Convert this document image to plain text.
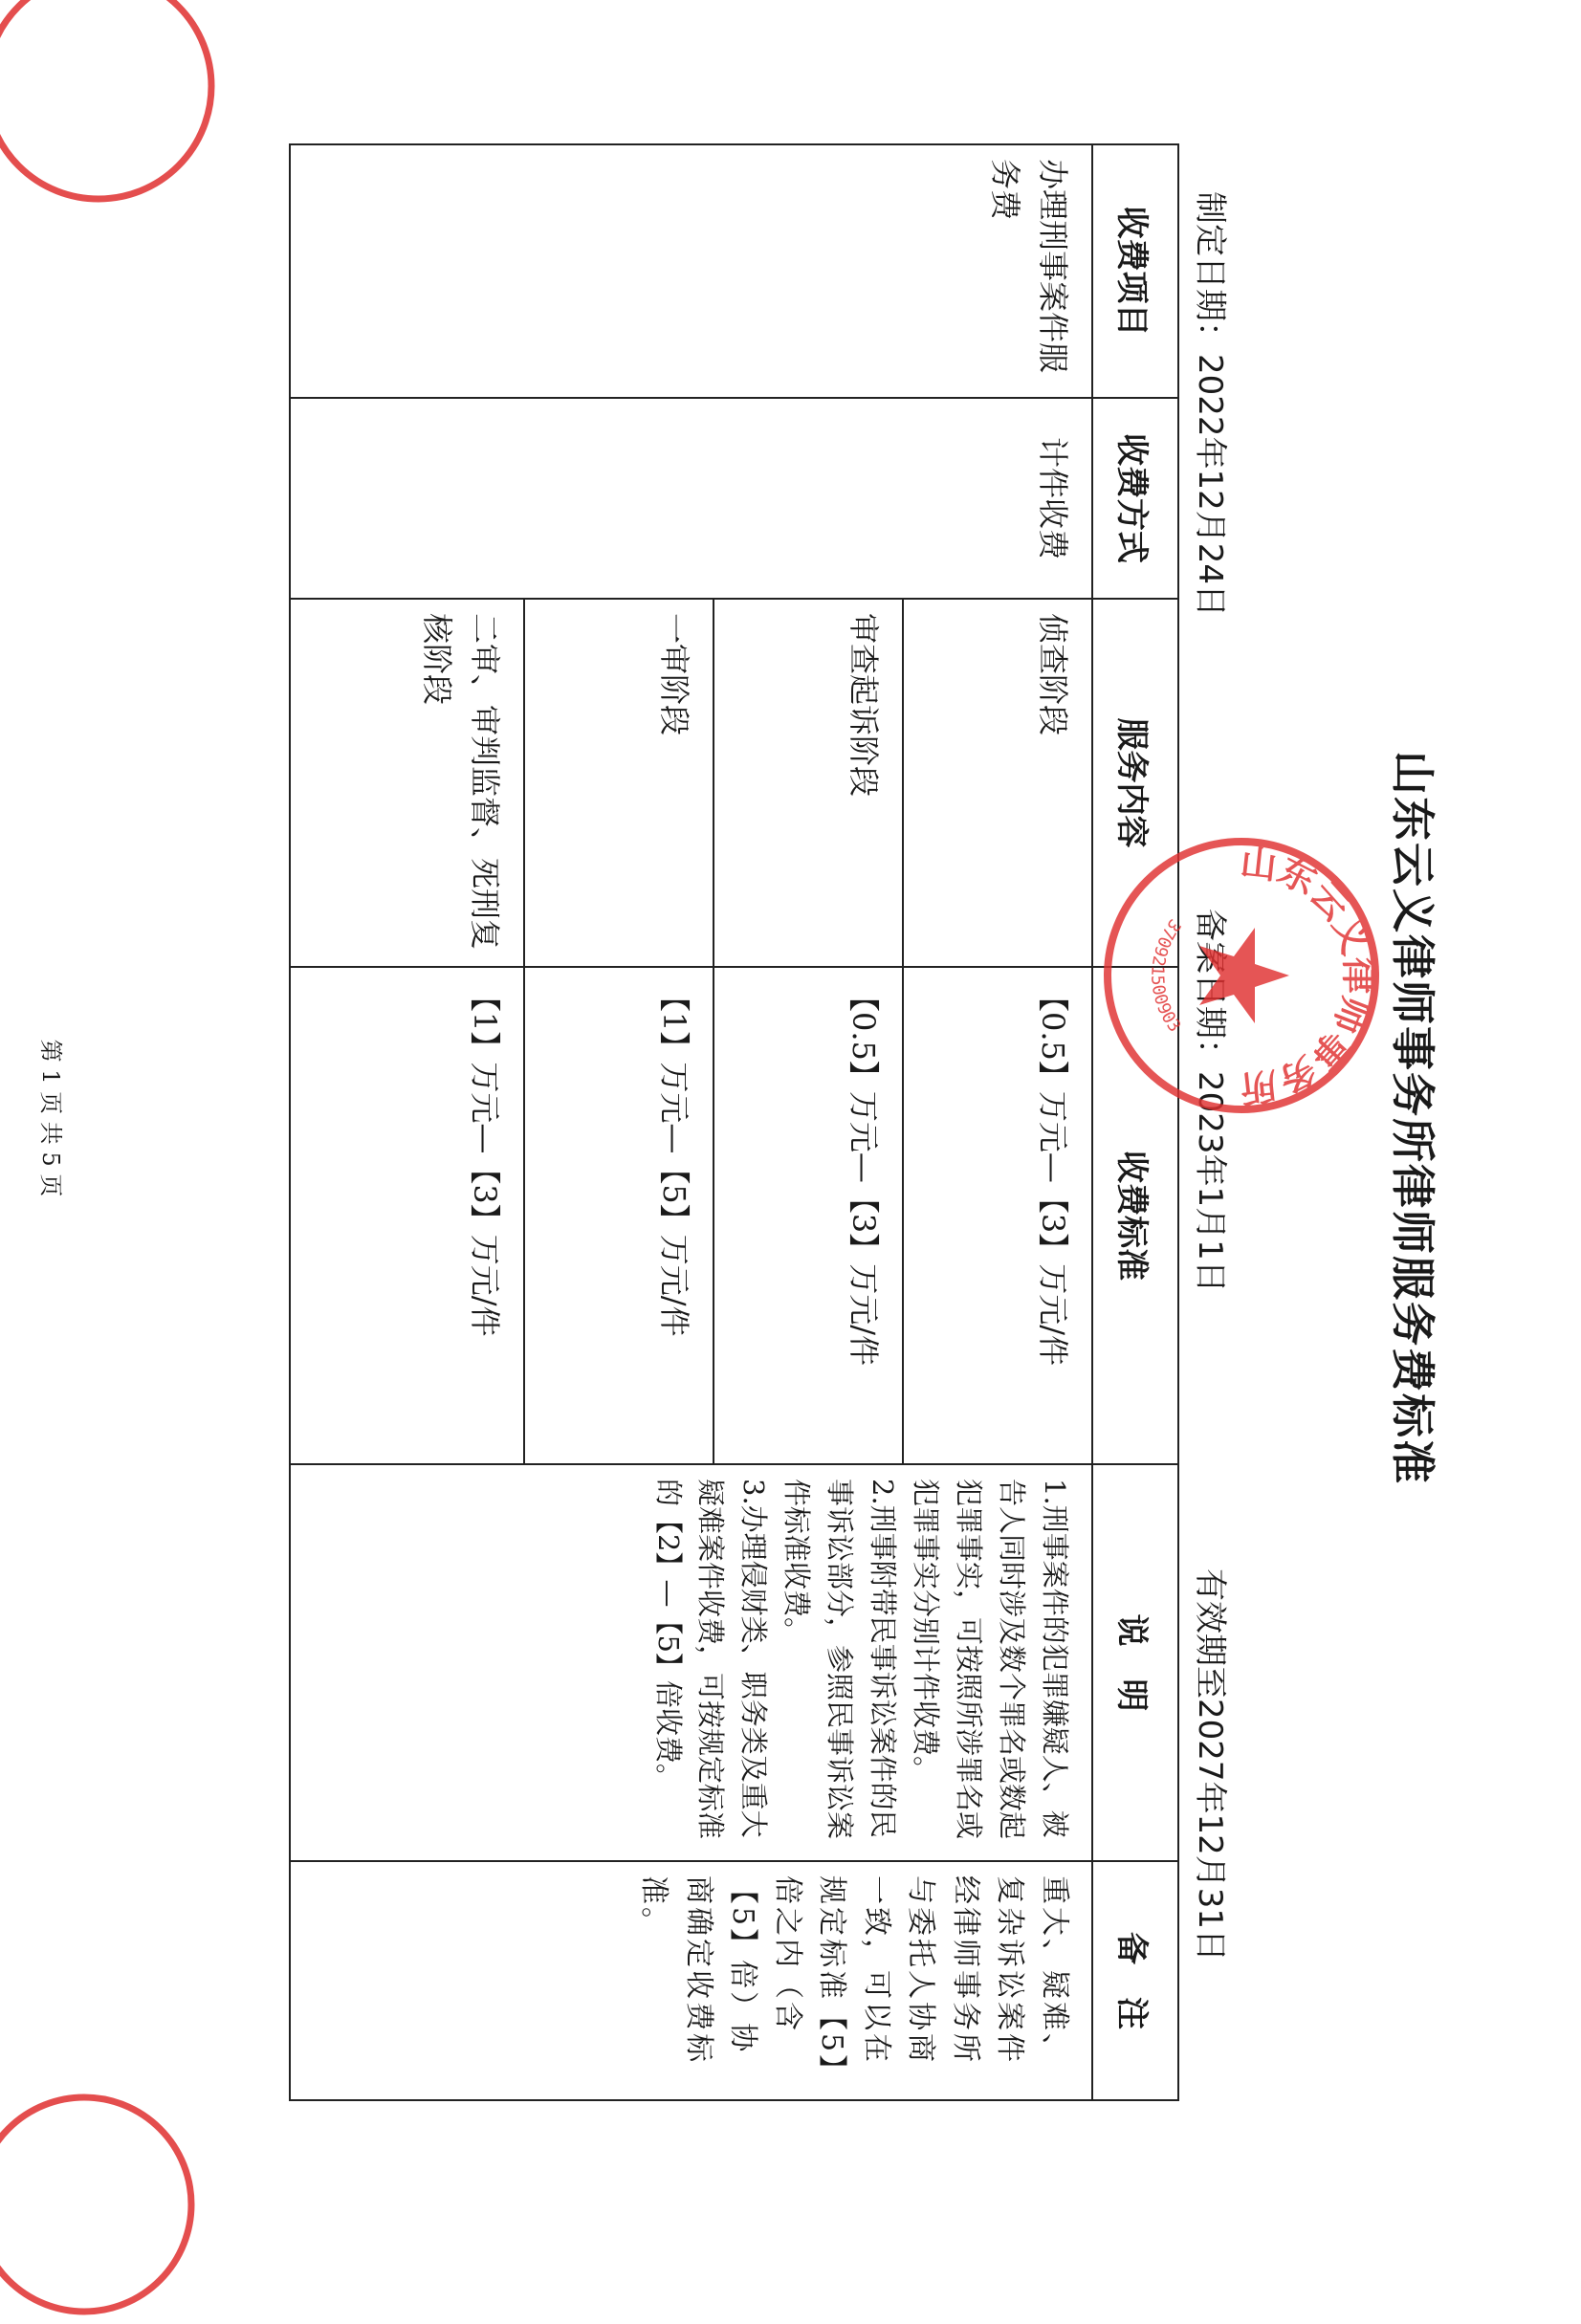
山东云义律师事务所律师服务费标准
制定日期：2022年12月24日
备案日期：2023年1月1日
有效期至2027年12月31日
收费项目	收费方式	服务内容	收费标准	说　明	备　注
办理刑事案件服务费	计件收费	侦查阶段	【0.5】万元—【3】万元/件	1.刑事案件的犯罪嫌疑人、被告人同时涉及数个罪名或数起犯罪事实，可按照所涉罪名或犯罪事实分别计件收费。

2.刑事附带民事诉讼案件的民事诉讼部分，参照民事诉讼案件标准收费。

3.办理侵财类、职务类及重大疑难案件收费，可按规定标准的【2】—【5】倍收费。	重大、疑难、复杂诉讼案件经律师事务所与委托人协商一致，可以在规定标准【5】倍之内（含【5】倍）协商确定收费标准。
		审查起诉阶段	【0.5】万元—【3】万元/件		
		一审阶段	【1】万元—【5】万元/件		
		二审、审判监督、死刑复核阶段	【1】万元—【3】万元/件		
山东云义律师事务所
370921500903
第 1 页 共 5 页
